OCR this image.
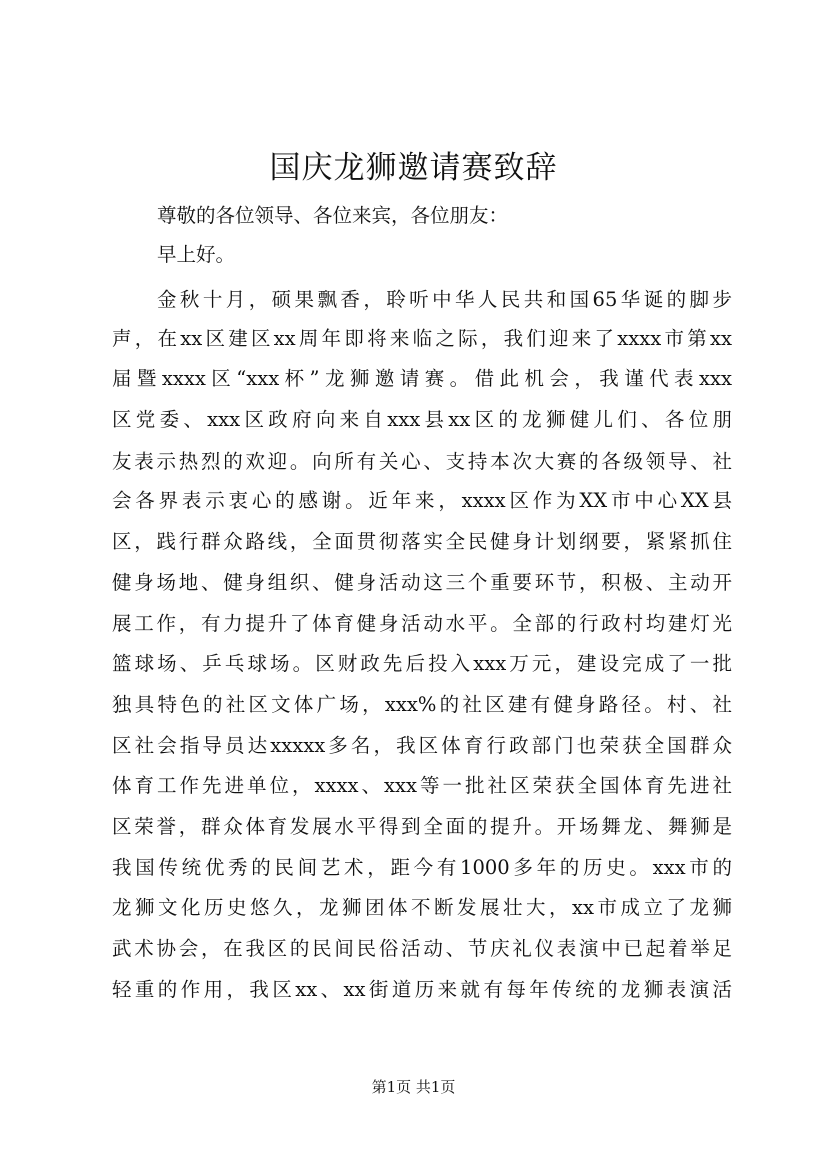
国庆龙狮邀请赛致辞

尊敬的各位领导、各位来宾，各位朋友：

早上好。

金秋十月，硕果飘香，聆听中华人民共和国65华诞的脚步

声，在xx区建区xx周年即将来临之际，我们迎来了xxxx市第xx

届暨xxxx区“xxx杯”龙狮邀请赛。借此机会，我谨代表xxx

区党委、xxx区政府向来自xxx县xx区的龙狮健儿们、各位朋

友表示热烈的欢迎。向所有关心、支持本次大赛的各级领导、社

会各界表示衷心的感谢。近年来，xxxx区作为XX市中心XX县

区，践行群众路线，全面贯彻落实全民健身计划纲要，紧紧抓住

健身场地、健身组织、健身活动这三个重要环节，积极、主动开

展工作，有力提升了体育健身活动水平。全部的行政村均建灯光

篮球场、乒乓球场。区财政先后投入xxx万元，建设完成了一批

独具特色的社区文体广场，xxx%的社区建有健身路径。村、社

区社会指导员达xxxxx多名，我区体育行政部门也荣获全国群众

体育工作先进单位，xxxx、xxx等一批社区荣获全国体育先进社

区荣誉，群众体育发展水平得到全面的提升。开场舞龙、舞狮是

我国传统优秀的民间艺术，距今有1000多年的历史。xxx市的

龙狮文化历史悠久，龙狮团体不断发展壮大，xx市成立了龙狮

武术协会，在我区的民间民俗活动、节庆礼仪表演中已起着举足

轻重的作用，我区xx、xx街道历来就有每年传统的龙狮表演活

第1页 共1页
